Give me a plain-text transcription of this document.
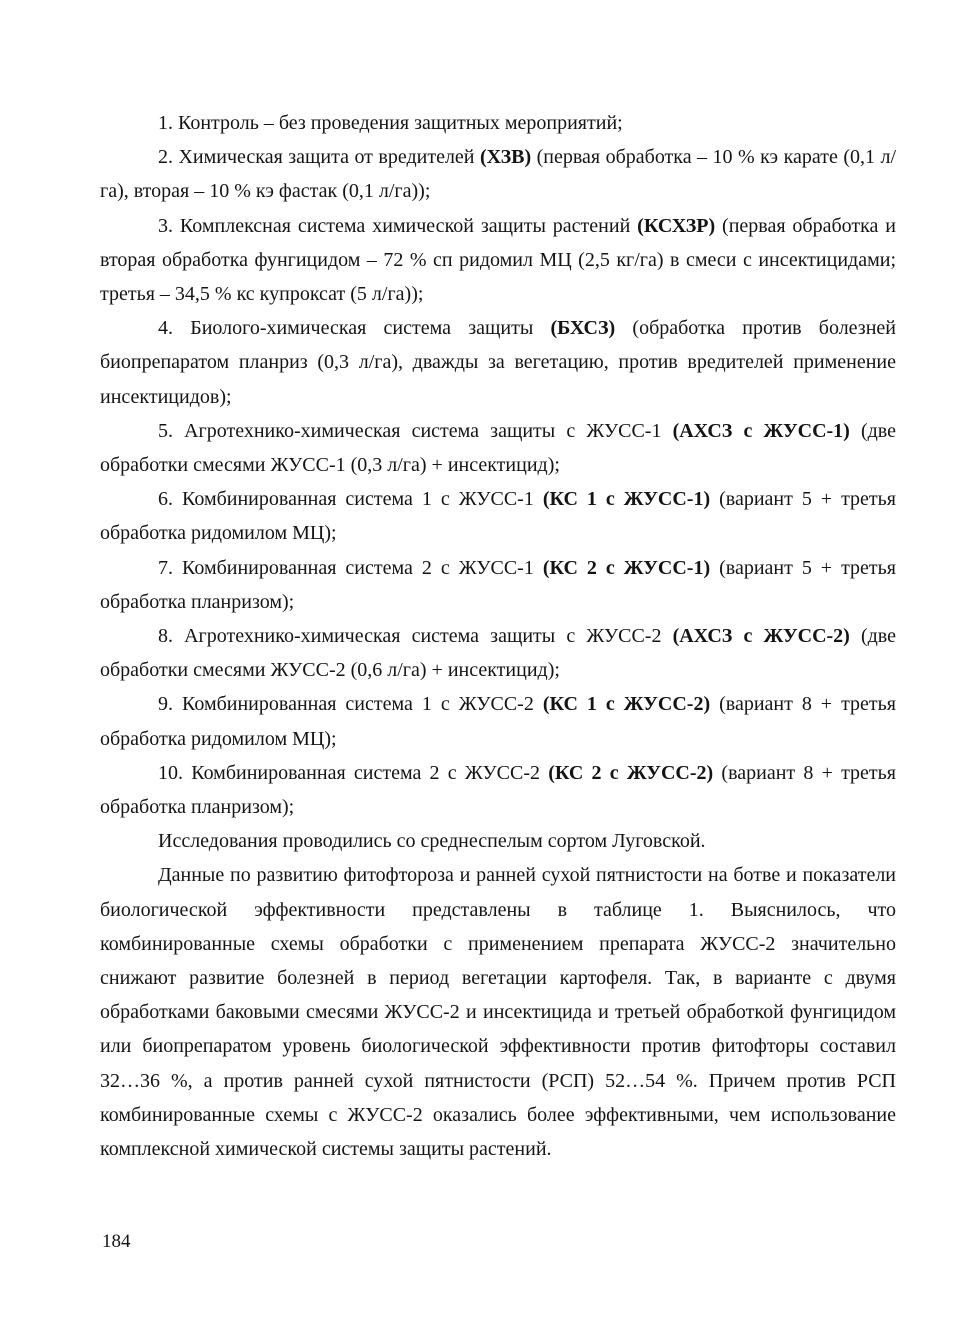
1. Контроль – без проведения защитных мероприятий;

2. Химическая защита от вредителей (ХЗВ) (первая обработка – 10 % кэ карате (0,1 л/га), вторая – 10 % кэ фастак (0,1 л/га));

3. Комплексная система химической защиты растений (КСХЗР) (первая обработка и вторая обработка фунгицидом – 72 % сп ридомил МЦ (2,5 кг/га) в смеси с инсектицидами; третья – 34,5 % кс купроксат (5 л/га));

4. Биолого-химическая система защиты (БХСЗ) (обработка против болезней биопрепаратом планриз (0,3 л/га), дважды за вегетацию, против вредителей применение инсектицидов);

5. Агротехнико-химическая система защиты с ЖУСС-1 (АХСЗ с ЖУСС-1) (две обработки смесями ЖУСС-1 (0,3 л/га) + инсектицид);

6. Комбинированная система 1 с ЖУСС-1 (КС 1 с ЖУСС-1) (вариант 5 + третья обработка ридомилом МЦ);

7. Комбинированная система 2 с ЖУСС-1 (КС 2 с ЖУСС-1) (вариант 5 + третья обработка планризом);

8. Агротехнико-химическая система защиты с ЖУСС-2 (АХСЗ с ЖУСС-2) (две обработки смесями ЖУСС-2 (0,6 л/га) + инсектицид);

9. Комбинированная система 1 с ЖУСС-2 (КС 1 с ЖУСС-2) (вариант 8 + третья обработка ридомилом МЦ);

10. Комбинированная система 2 с ЖУСС-2 (КС 2 с ЖУСС-2) (вариант 8 + третья обработка планризом);

Исследования проводились со среднеспелым сортом Луговской.

Данные по развитию фитофтороза и ранней сухой пятнистости на ботве и показатели биологической эффективности представлены в таблице 1. Выяснилось, что комбинированные схемы обработки с применением препарата ЖУСС-2 значительно снижают развитие болезней в период вегетации картофеля. Так, в варианте с двумя обработками баковыми смесями ЖУСС-2 и инсектицида и третьей обработкой фунгицидом или биопрепаратом уровень биологической эффективности против фитофторы составил 32…36 %, а против ранней сухой пятнистости (РСП) 52…54 %. Причем против РСП комбинированные схемы с ЖУСС-2 оказались более эффективными, чем использование комплексной химической системы защиты растений.

184
